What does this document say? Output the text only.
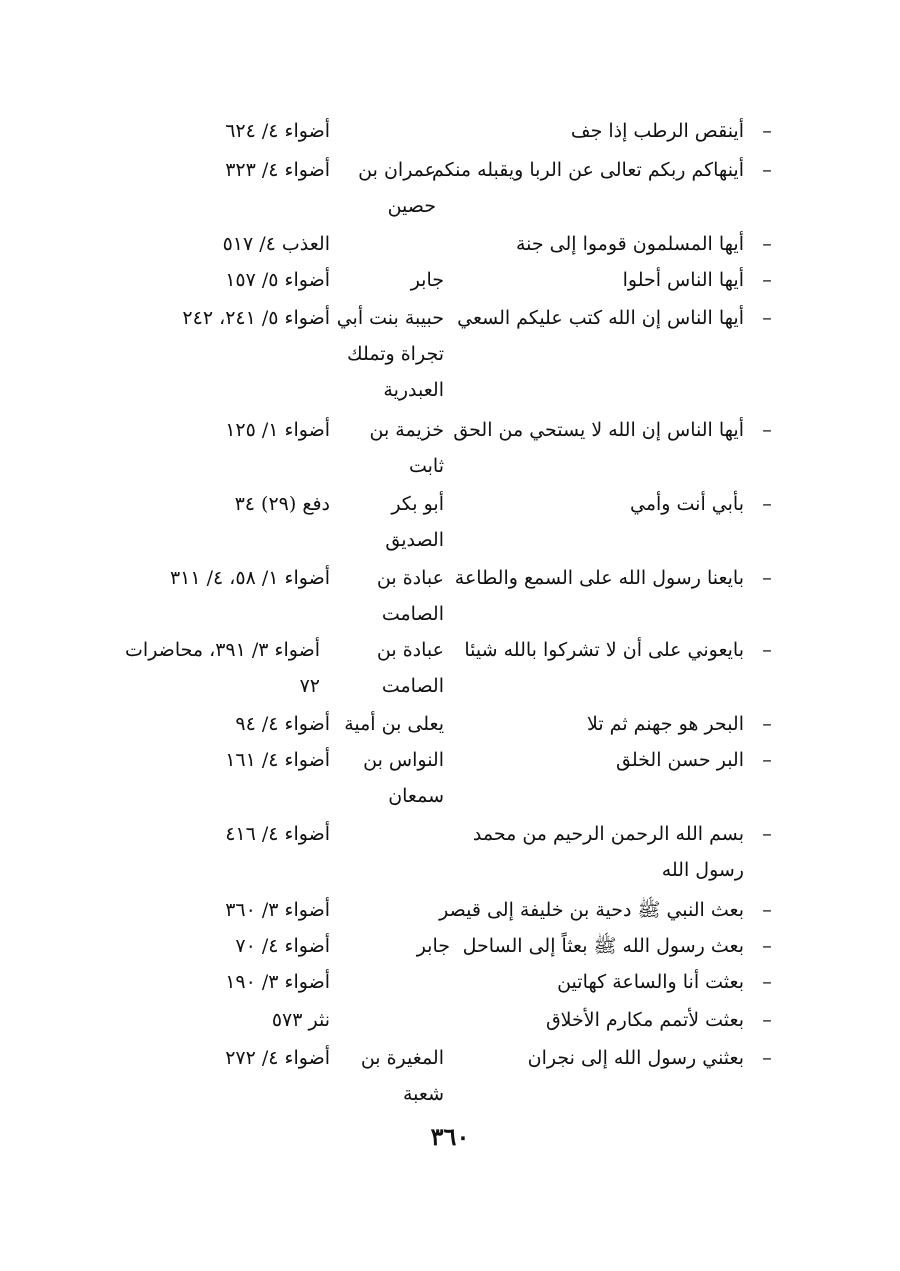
–
أينقص الرطب إذا جف
أضواء ٤/ ٦٢٤
–
أينهاكم ربكم تعالى عن الربا ويقبله منكم
عمران بن حصين
أضواء ٤/ ٣٢٣
–
أيها المسلمون قوموا إلى جنة
العذب ٤/ ٥١٧
–
أيها الناس أحلوا
جابر
أضواء ٥/ ١٥٧
–
أيها الناس إن الله كتب عليكم السعي
حبيبة بنت أبي تجراة وتملك العبدرية
أضواء ٥/ ٢٤١، ٢٤٢
–
أيها الناس إن الله لا يستحي من الحق
خزيمة بن ثابت
أضواء ١/ ١٢٥
–
بأبي أنت وأمي
أبو بكر الصديق
دفع (٢٩) ٣٤
–
بايعنا رسول الله على السمع والطاعة
عبادة بن الصامت
أضواء ١/ ٥٨، ٤/ ٣١١
–
بايعوني على أن لا تشركوا بالله شيئا
عبادة بن الصامت
أضواء ٣/ ٣٩١، محاضرات ٧٢
–
البحر هو جهنم ثم تلا
يعلى بن أمية
أضواء ٤/ ٩٤
–
البر حسن الخلق
النواس بن سمعان
أضواء ٤/ ١٦١
–
بسم الله الرحمن الرحيم من محمد رسول الله
أضواء ٤/ ٤١٦
–
بعث النبي ﷺ دحية بن خليفة إلى قيصر
أضواء ٣/ ٣٦٠
–
بعث رسول الله ﷺ بعثاً إلى الساحل
جابر
أضواء ٤/ ٧٠
–
بعثت أنا والساعة كهاتين
أضواء ٣/ ١٩٠
–
بعثت لأتمم مكارم الأخلاق
نثر ٥٧٣
–
بعثني رسول الله إلى نجران
المغيرة بن شعبة
أضواء ٤/ ٢٧٢
٣٦٠
